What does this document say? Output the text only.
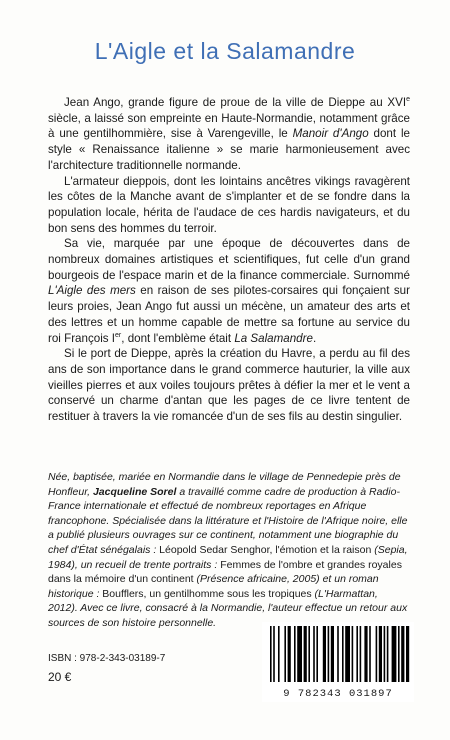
L'Aigle et la Salamandre

Jean Ango, grande figure de proue de la ville de Dieppe au XVIe siècle, a laissé son empreinte en Haute-Normandie, notamment grâce à une gentilhommière, sise à Varengeville, le Manoir d'Ango dont le style « Renaissance italienne » se marie harmonieusement avec l'architecture traditionnelle normande.

L'armateur dieppois, dont les lointains ancêtres vikings ravagèrent les côtes de la Manche avant de s'implanter et de se fondre dans la population locale, hérita de l'audace de ces hardis navigateurs, et du bon sens des hommes du terroir.

Sa vie, marquée par une époque de découvertes dans de nombreux domaines artistiques et scientifiques, fut celle d'un grand bourgeois de l'espace marin et de la finance commerciale. Surnommé L'Aigle des mers en raison de ses pilotes-corsaires qui fonçaient sur leurs proies, Jean Ango fut aussi un mécène, un amateur des arts et des lettres et un homme capable de mettre sa fortune au service du roi François Ier, dont l'emblème était La Salamandre.

Si le port de Dieppe, après la création du Havre, a perdu au fil des ans de son importance dans le grand commerce hauturier, la ville aux vieilles pierres et aux voiles toujours prêtes à défier la mer et le vent a conservé un charme d'antan que les pages de ce livre tentent de restituer à travers la vie romancée d'un de ses fils au destin singulier.

Née, baptisée, mariée en Normandie dans le village de Pennedepie près de Honfleur, Jacqueline Sorel a travaillé comme cadre de production à Radio-France internationale et effectué de nombreux reportages en Afrique francophone. Spécialisée dans la littérature et l'Histoire de l'Afrique noire, elle a publié plusieurs ouvrages sur ce continent, notamment une biographie du chef d'État sénégalais : Léopold Sedar Senghor, l'émotion et la raison (Sepia, 1984), un recueil de trente portraits : Femmes de l'ombre et grandes royales dans la mémoire d'un continent (Présence africaine, 2005) et un roman historique : Boufflers, un gentilhomme sous les tropiques (L'Harmattan, 2012). Avec ce livre, consacré à la Normandie, l'auteur effectue un retour aux sources de son histoire personnelle.

ISBN : 978-2-343-03189-7
20 €
9 782343 031897
